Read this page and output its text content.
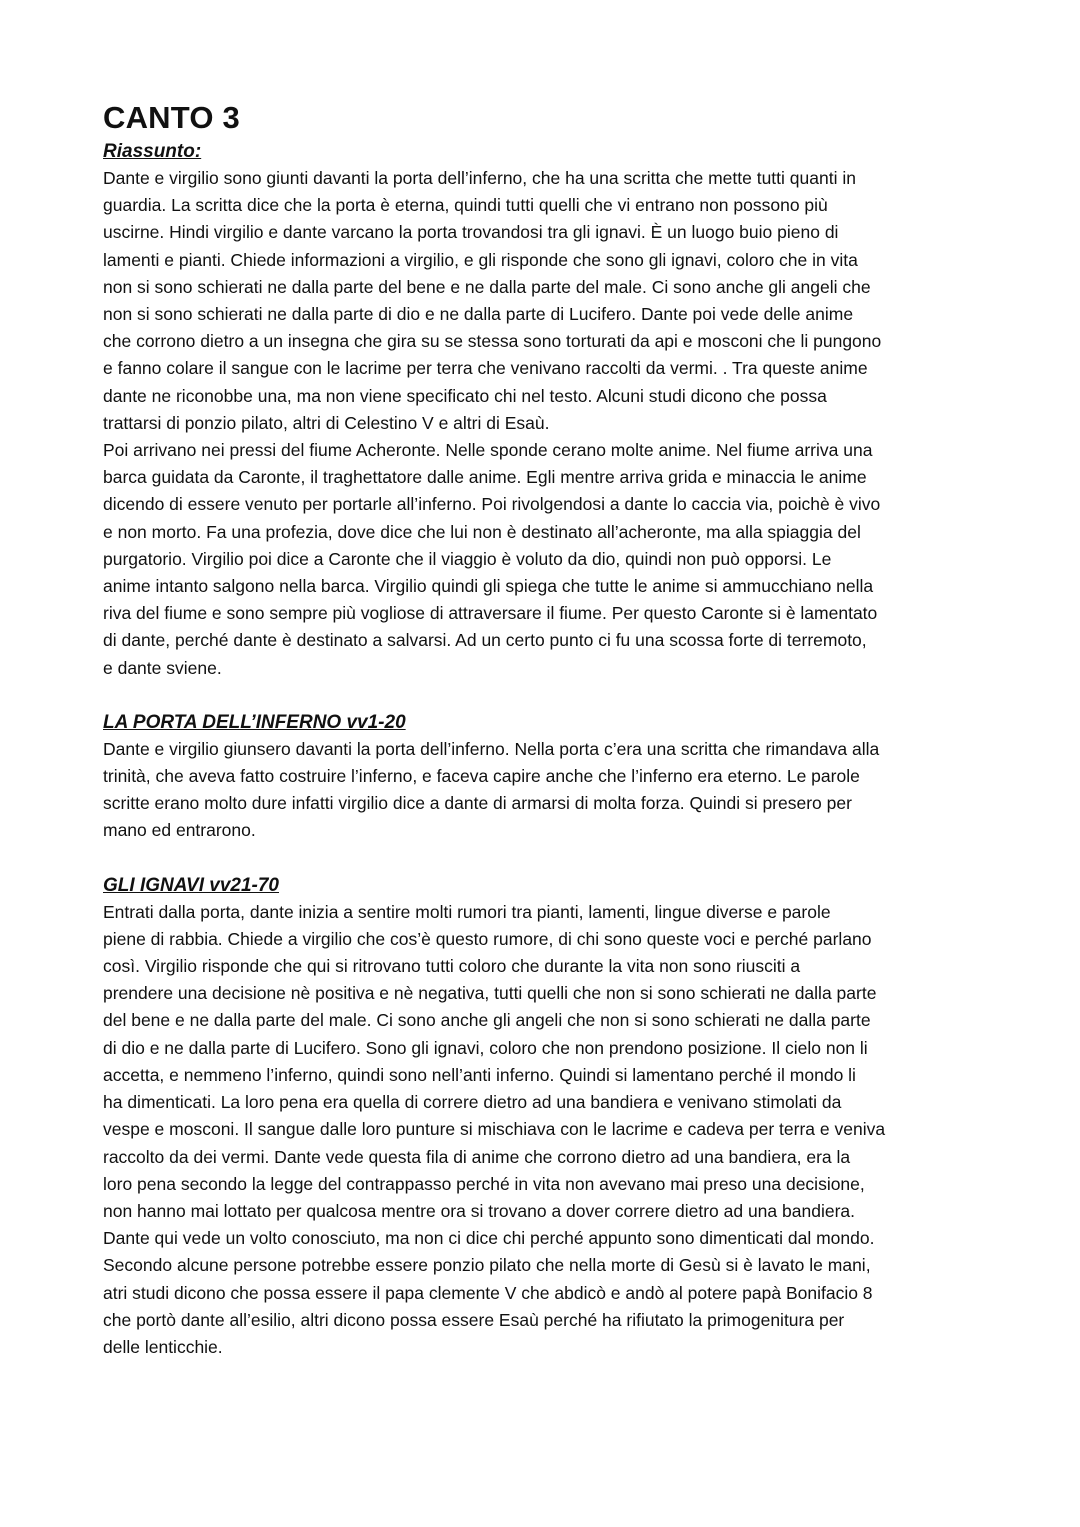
CANTO 3
Riassunto:

Dante e virgilio sono giunti davanti la porta dell’inferno, che ha una scritta che mette tutti quanti in
guardia. La scritta dice che la porta è eterna, quindi tutti quelli che vi entrano non possono più
uscirne. Hindi virgilio e dante varcano la porta trovandosi tra gli ignavi. È un luogo buio pieno di
lamenti e pianti. Chiede informazioni a virgilio, e gli risponde che sono gli ignavi, coloro che in vita
non si sono schierati ne dalla parte del bene e ne dalla parte del male. Ci sono anche gli angeli che
non si sono schierati ne dalla parte di dio e ne dalla parte di Lucifero. Dante poi vede delle anime
che corrono dietro a un insegna che gira su se stessa sono torturati da api e mosconi che li pungono
e fanno colare il sangue con le lacrime per terra che venivano raccolti da vermi. . Tra queste anime
dante ne riconobbe una, ma non viene specificato chi nel testo. Alcuni studi dicono che possa
trattarsi di ponzio pilato, altri di Celestino V e altri di Esaù.

Poi arrivano nei pressi del fiume Acheronte. Nelle sponde cerano molte anime. Nel fiume arriva una
barca guidata da Caronte, il traghettatore dalle anime. Egli mentre arriva grida e minaccia le anime
dicendo di essere venuto per portarle all’inferno. Poi rivolgendosi a dante lo caccia via, poichè è vivo
e non morto. Fa una profezia, dove dice che lui non è destinato all’acheronte, ma alla spiaggia del
purgatorio. Virgilio poi dice a Caronte che il viaggio è voluto da dio, quindi non può opporsi. Le
anime intanto salgono nella barca. Virgilio quindi gli spiega che tutte le anime si ammucchiano nella
riva del fiume e sono sempre più vogliose di attraversare il fiume. Per questo Caronte si è lamentato
di dante, perché dante è destinato a salvarsi. Ad un certo punto ci fu una scossa forte di terremoto,
e dante sviene.

LA PORTA DELL’INFERNO vv1-20

Dante e virgilio giunsero davanti la porta dell’inferno. Nella porta c’era una scritta che rimandava alla
trinità, che aveva fatto costruire l’inferno, e faceva capire anche che l’inferno era eterno. Le parole
scritte erano molto dure infatti virgilio dice a dante di armarsi di molta forza. Quindi si presero per
mano ed entrarono.

GLI IGNAVI vv21-70

Entrati dalla porta, dante inizia a sentire molti rumori tra pianti, lamenti, lingue diverse e parole
piene di rabbia. Chiede a virgilio che cos’è questo rumore, di chi sono queste voci e perché parlano
così. Virgilio risponde che qui si ritrovano tutti coloro che durante la vita non sono riusciti a
prendere una decisione nè positiva e nè negativa, tutti quelli che non si sono schierati ne dalla parte
del bene e ne dalla parte del male. Ci sono anche gli angeli che non si sono schierati ne dalla parte
di dio e ne dalla parte di Lucifero. Sono gli ignavi, coloro che non prendono posizione. Il cielo non li
accetta, e nemmeno l’inferno, quindi sono nell’anti inferno. Quindi si lamentano perché il mondo li
ha dimenticati. La loro pena era quella di correre dietro ad una bandiera e venivano stimolati da
vespe e mosconi. Il sangue dalle loro punture si mischiava con le lacrime e cadeva per terra e veniva
raccolto da dei vermi. Dante vede questa fila di anime che corrono dietro ad una bandiera, era la
loro pena secondo la legge del contrappasso perché in vita non avevano mai preso una decisione,
non hanno mai lottato per qualcosa mentre ora si trovano a dover correre dietro ad una bandiera.
Dante qui vede un volto conosciuto, ma non ci dice chi perché appunto sono dimenticati dal mondo.
Secondo alcune persone potrebbe essere ponzio pilato che nella morte di Gesù si è lavato le mani,
atri studi dicono che possa essere il papa clemente V che abdicò e andò al potere papà Bonifacio 8
che portò dante all’esilio, altri dicono possa essere Esaù perché ha rifiutato la primogenitura per
delle lenticchie.
